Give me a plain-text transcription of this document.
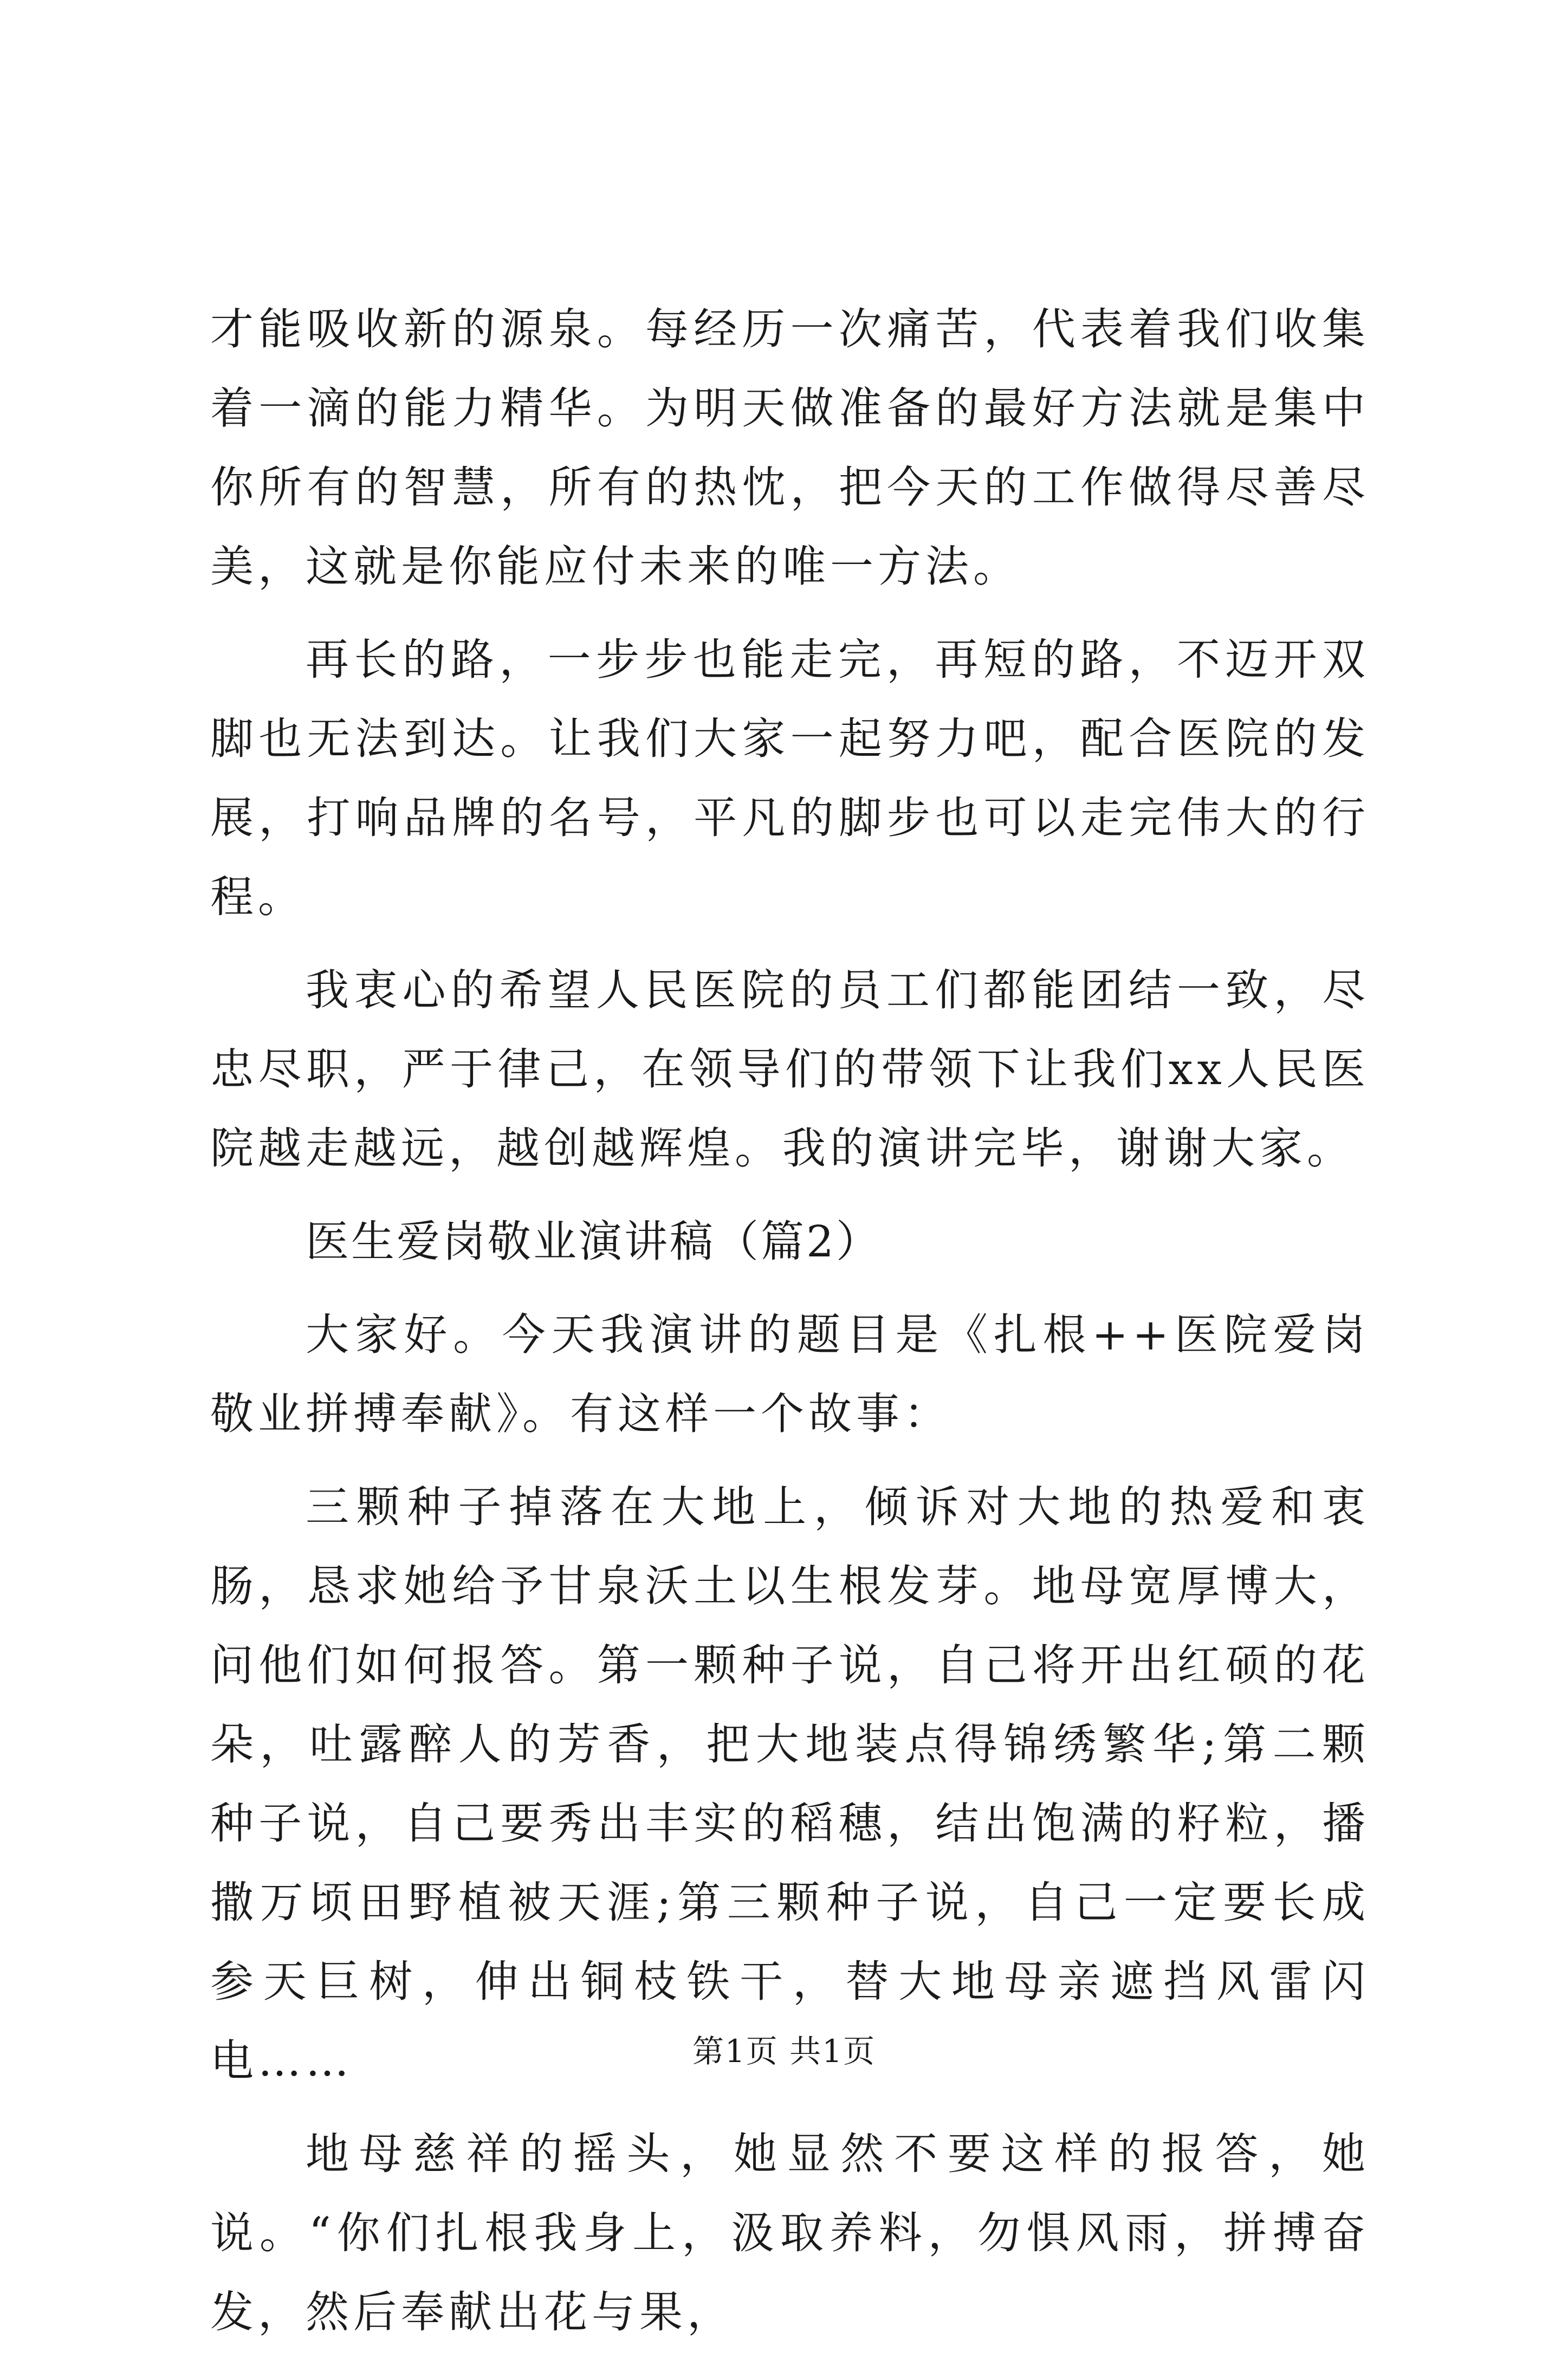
才能吸收新的源泉。每经历一次痛苦，代表着我们收集着一滴的能力精华。为明天做准备的最好方法就是集中你所有的智慧，所有的热忱，把今天的工作做得尽善尽美，这就是你能应付未来的唯一方法。

再长的路，一步步也能走完，再短的路，不迈开双脚也无法到达。让我们大家一起努力吧，配合医院的发展，打响品牌的名号，平凡的脚步也可以走完伟大的行程。

我衷心的希望人民医院的员工们都能团结一致，尽忠尽职，严于律己，在领导们的带领下让我们xx人民医院越走越远，越创越辉煌。我的演讲完毕，谢谢大家。

医生爱岗敬业演讲稿（篇2）

大家好。今天我演讲的题目是《扎根++医院爱岗敬业拼搏奉献》。有这样一个故事：

三颗种子掉落在大地上，倾诉对大地的热爱和衷肠，恳求她给予甘泉沃土以生根发芽。地母宽厚博大，问他们如何报答。第一颗种子说，自己将开出红硕的花朵，吐露醉人的芳香，把大地装点得锦绣繁华;第二颗种子说，自己要秀出丰实的稻穗，结出饱满的籽粒，播撒万顷田野植被天涯;第三颗种子说，自己一定要长成参天巨树，伸出铜枝铁干，替大地母亲遮挡风雷闪电……

地母慈祥的摇头，她显然不要这样的报答，她说。“你们扎根我身上，汲取养料，勿惧风雨，拼搏奋发，然后奉献出花与果，

第1页 共1页
